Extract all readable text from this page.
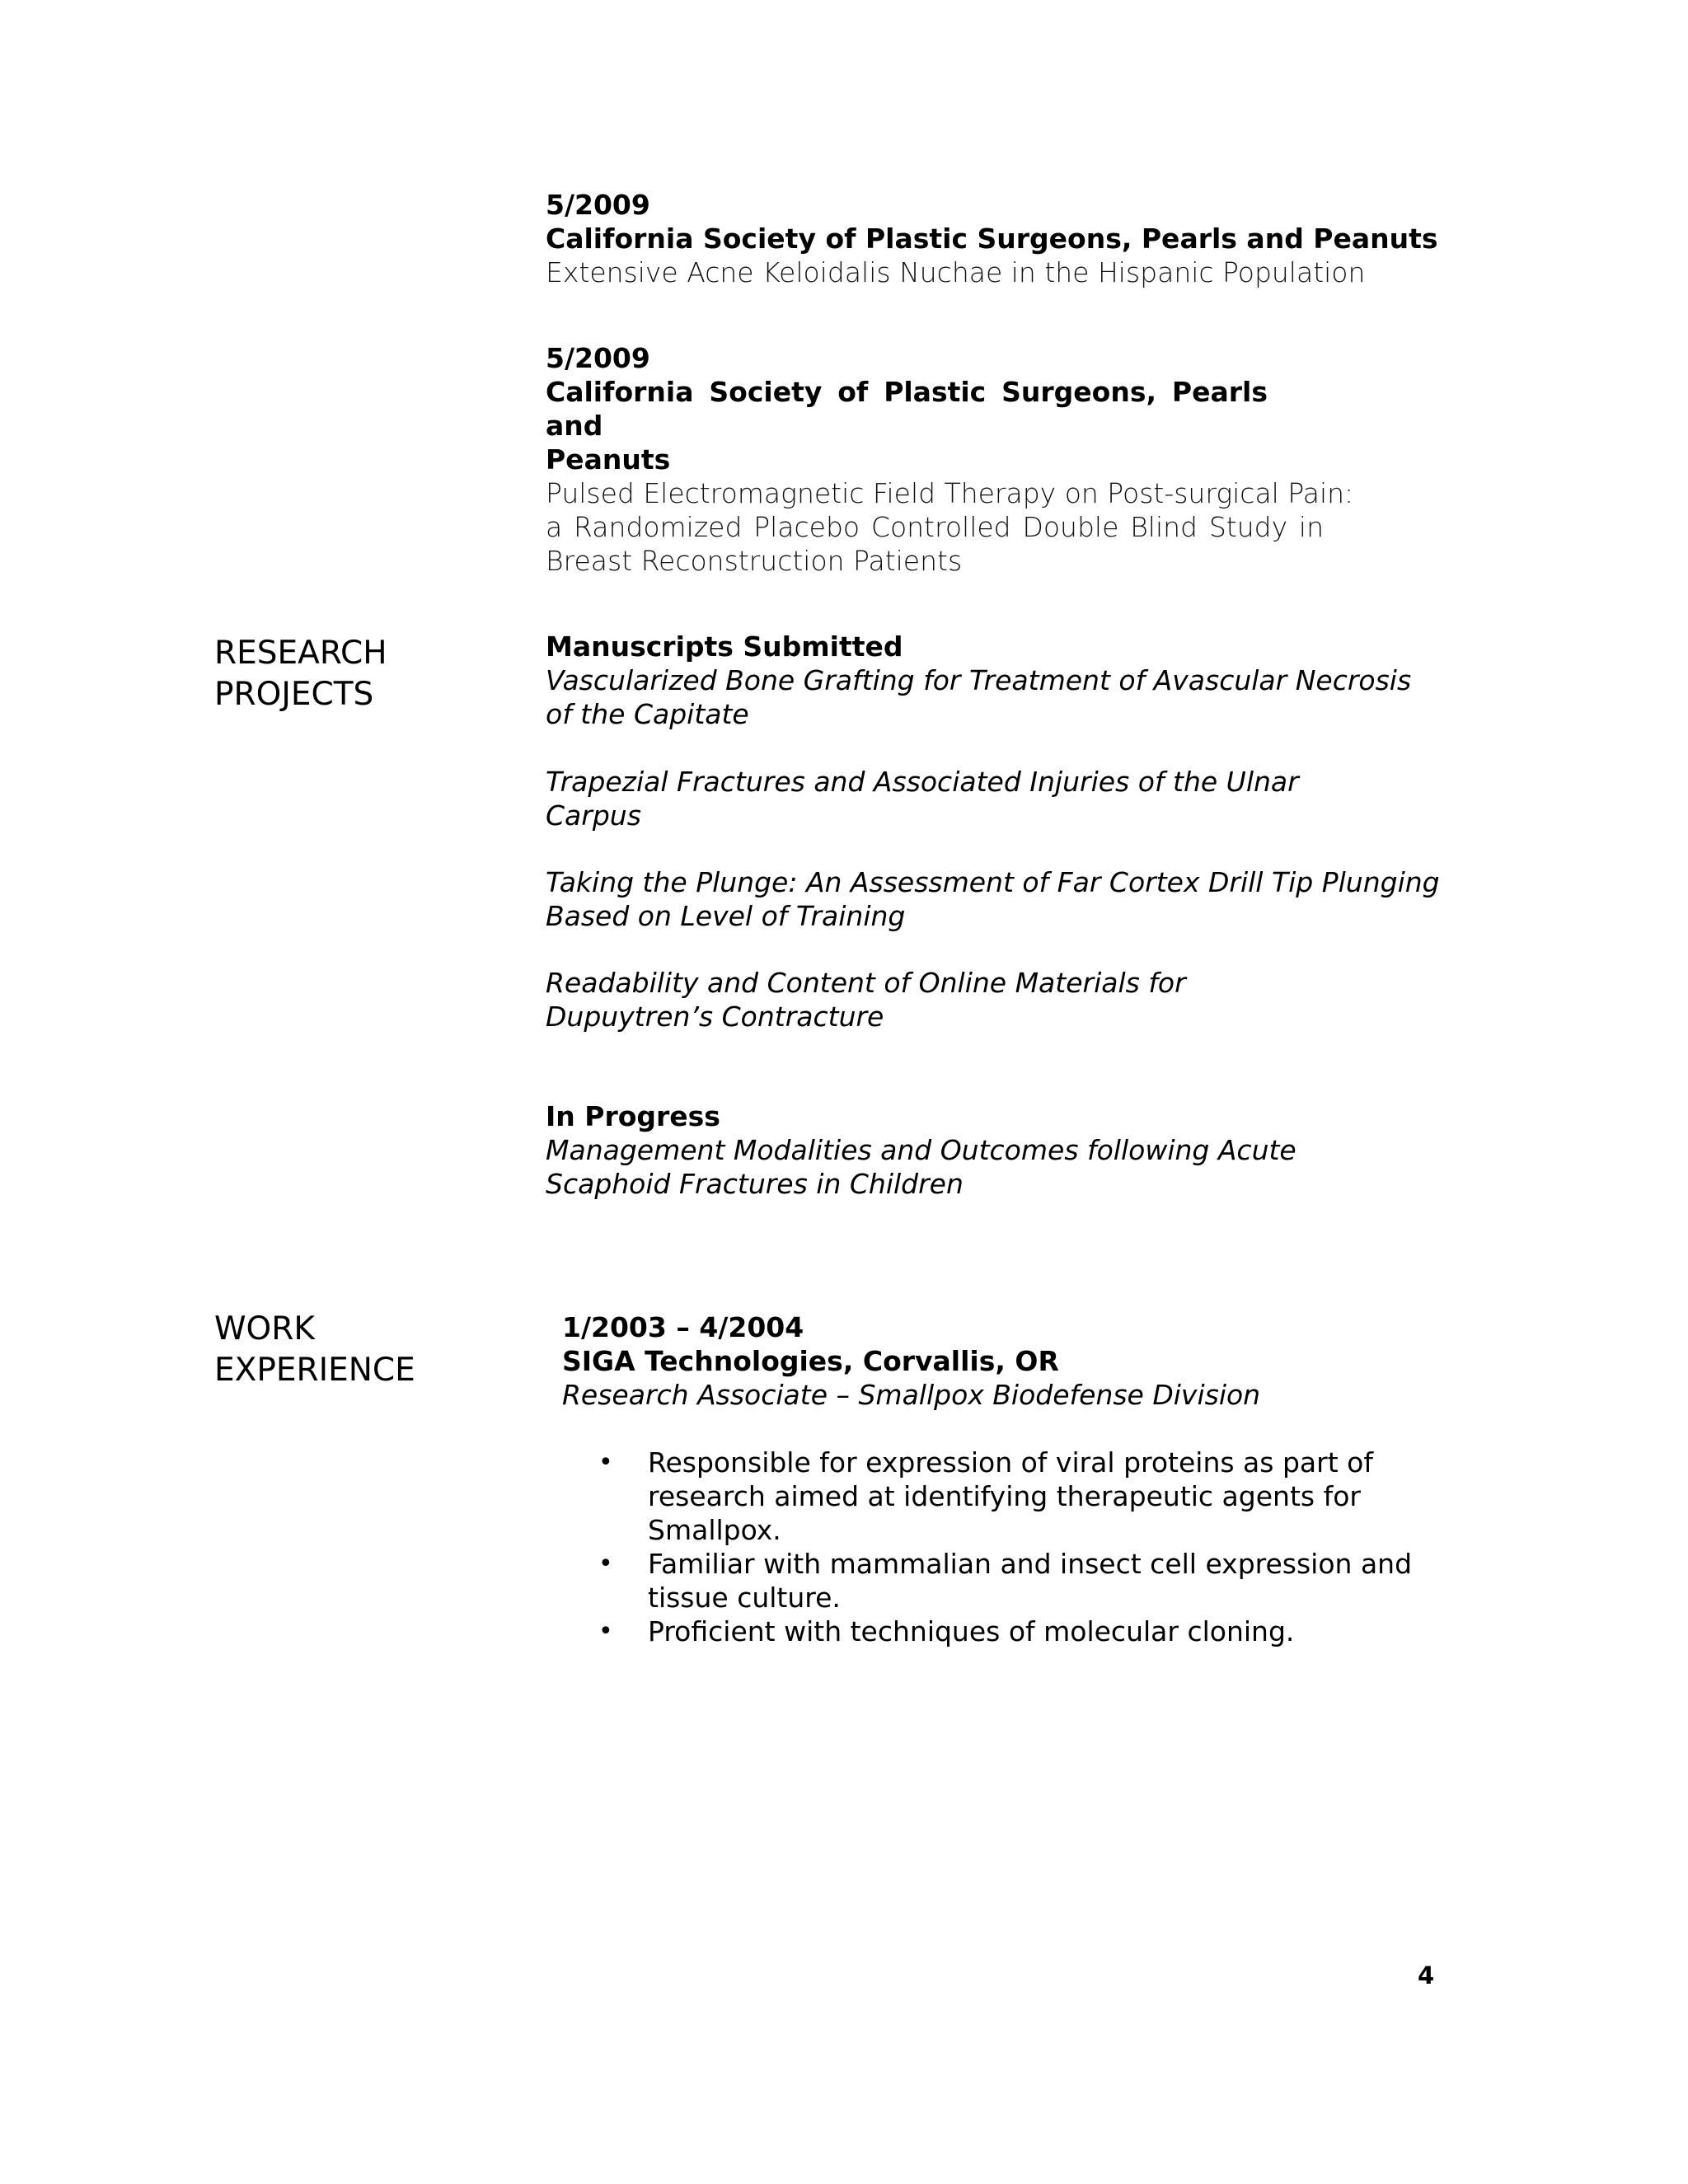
5/2009
California Society of Plastic Surgeons, Pearls and Peanuts
Extensive Acne Keloidalis Nuchae in the Hispanic Population
5/2009
California Society of Plastic Surgeons, Pearls and
Peanuts
Pulsed Electromagnetic Field Therapy on Post-surgical Pain:
a Randomized Placebo Controlled Double Blind Study in
Breast Reconstruction Patients
RESEARCH
PROJECTS
Manuscripts Submitted
Vascularized Bone Grafting for Treatment of Avascular Necrosis
of the Capitate
Trapezial Fractures and Associated Injuries of the Ulnar
Carpus
Taking the Plunge: An Assessment of Far Cortex Drill Tip Plunging
Based on Level of Training
Readability and Content of Online Materials for
Dupuytren’s Contracture
In Progress
Management Modalities and Outcomes following Acute
Scaphoid Fractures in Children
WORK
EXPERIENCE
1/2003 – 4/2004
SIGA Technologies, Corvallis, OR
Research Associate – Smallpox Biodefense Division
• Responsible for expression of viral proteins as part of research aimed at identifying therapeutic agents for Smallpox.
• Familiar with mammalian and insect cell expression and tissue culture.
• Proficient with techniques of molecular cloning.
4
